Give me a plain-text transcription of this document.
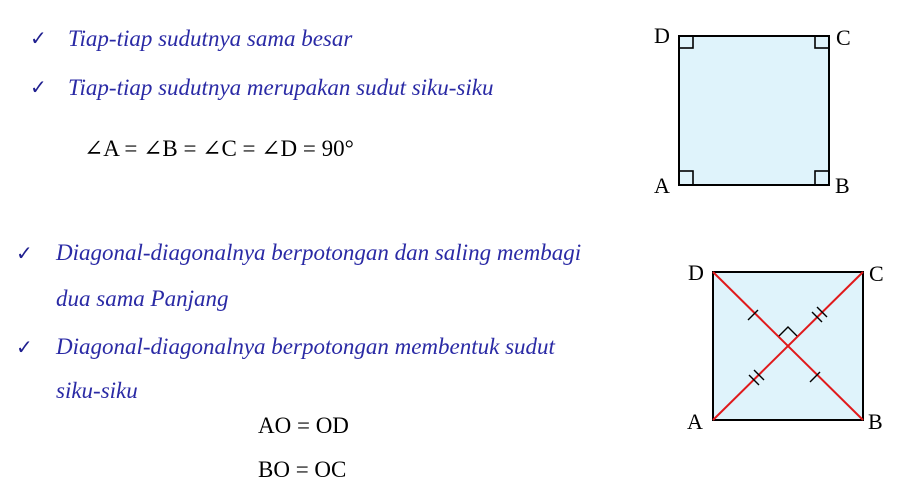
✓ Tiap-tiap sudutnya sama besar
✓ Tiap-tiap sudutnya merupakan sudut siku-siku
∠A = ∠B = ∠C = ∠D = 90°
✓ Diagonal-diagonalnya berpotongan dan saling membagi
dua sama Panjang
✓ Diagonal-diagonalnya berpotongan membentuk sudut
siku-siku
AO = OD
BO = OC
D	C
A	B
D	C
A	B
